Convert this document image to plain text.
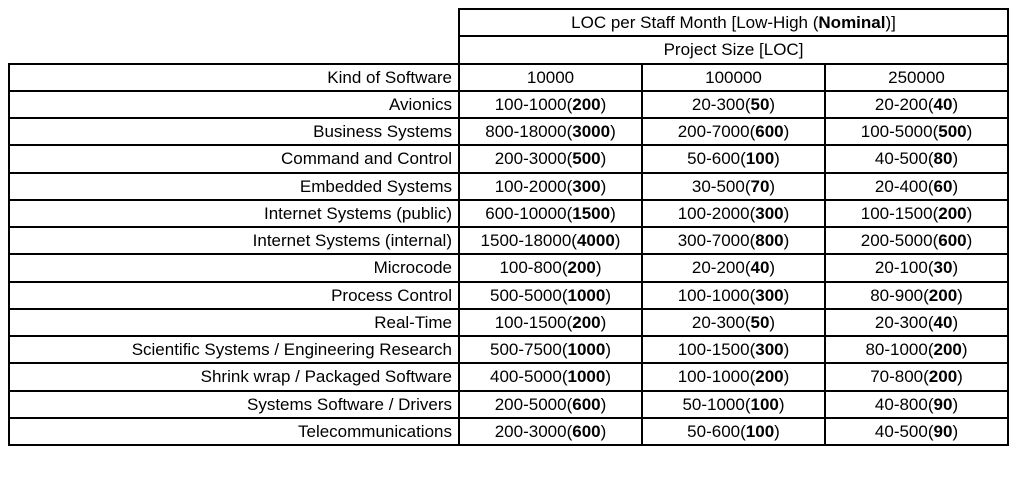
	LOC per Staff Month [Low-High (Nominal)]		
	Project Size [LOC]		
Kind of Software	10000	100000	250000
Avionics	100-1000(200)	20-300(50)	20-200(40)
Business Systems	800-18000(3000)	200-7000(600)	100-5000(500)
Command and Control	200-3000(500)	50-600(100)	40-500(80)
Embedded Systems	100-2000(300)	30-500(70)	20-400(60)
Internet Systems (public)	600-10000(1500)	100-2000(300)	100-1500(200)
Internet Systems (internal)	1500-18000(4000)	300-7000(800)	200-5000(600)
Microcode	100-800(200)	20-200(40)	20-100(30)
Process Control	500-5000(1000)	100-1000(300)	80-900(200)
Real-Time	100-1500(200)	20-300(50)	20-300(40)
Scientific Systems / Engineering Research	500-7500(1000)	100-1500(300)	80-1000(200)
Shrink wrap / Packaged Software	400-5000(1000)	100-1000(200)	70-800(200)
Systems Software / Drivers	200-5000(600)	50-1000(100)	40-800(90)
Telecommunications	200-3000(600)	50-600(100)	40-500(90)
